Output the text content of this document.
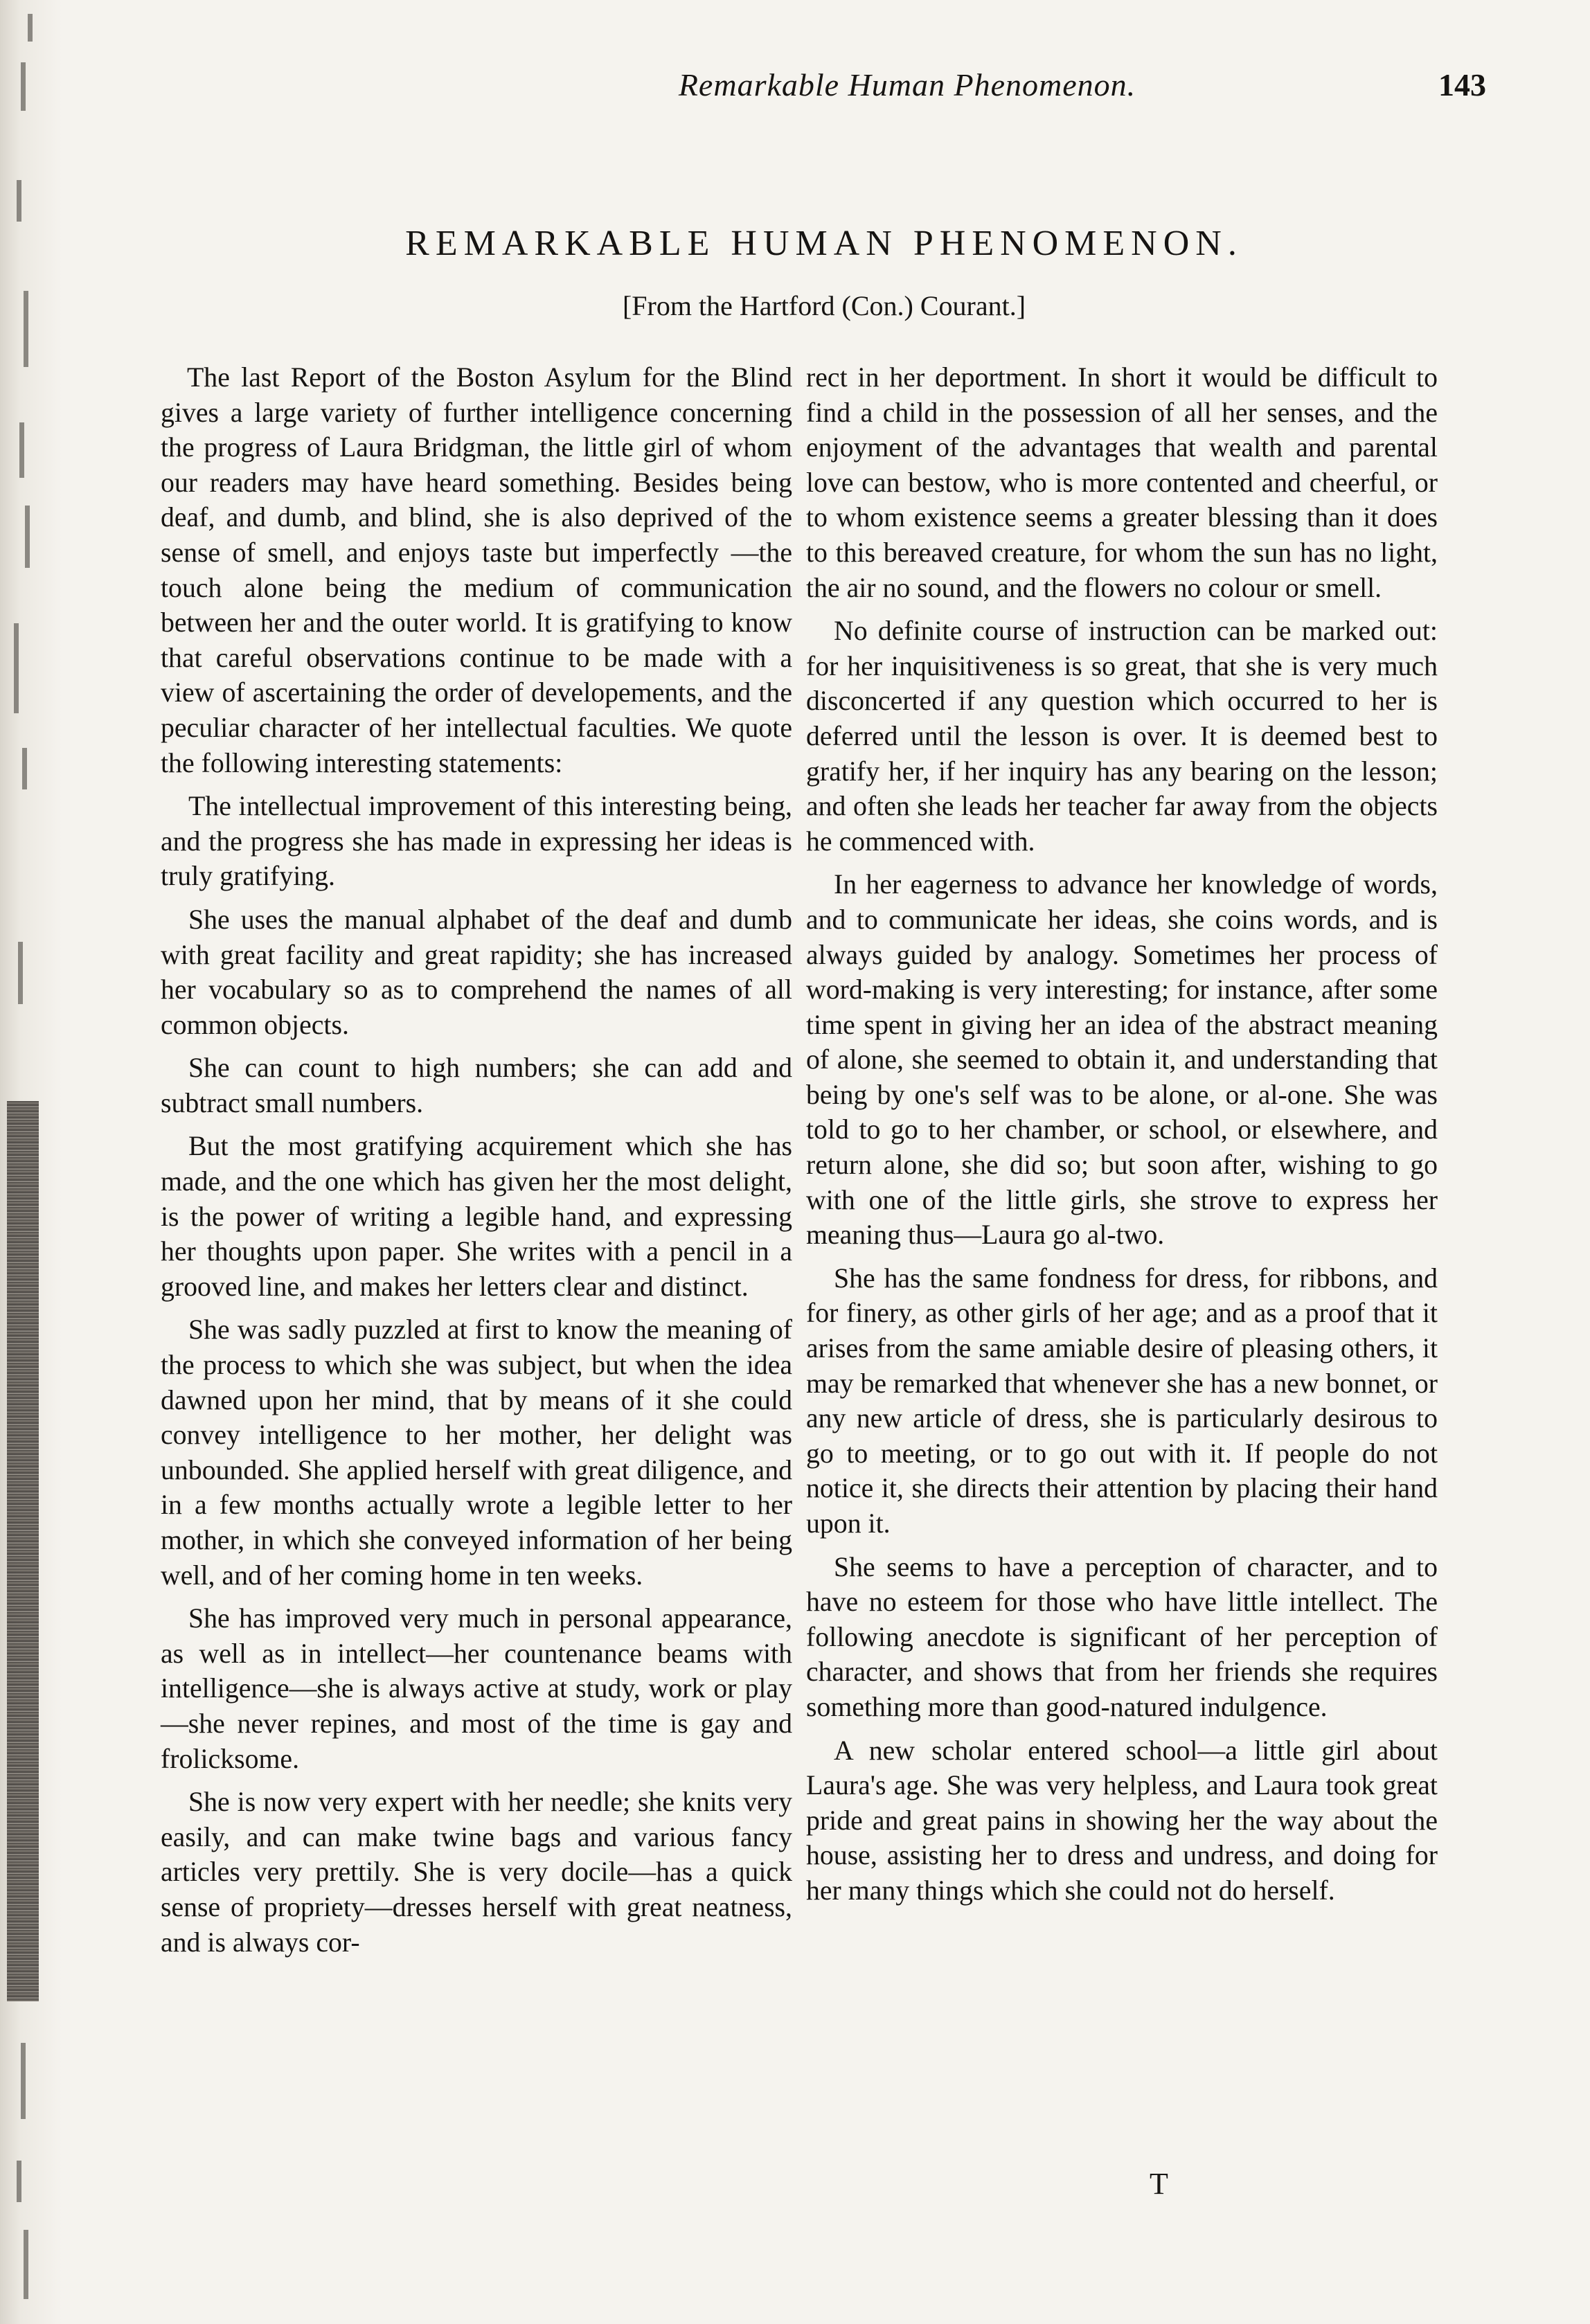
Remarkable Human Phenomenon.	143
REMARKABLE HUMAN PHENOMENON.
[From the Hartford (Con.) Courant.]

The last Report of the Boston Asylum for the Blind gives a large variety of further intelligence concerning the progress of Laura Bridgman, the little girl of whom our readers may have heard something. Besides being deaf, and dumb, and blind, she is also deprived of the sense of smell, and enjoys taste but imperfectly —the touch alone being the medium of communication between her and the outer world. It is gratifying to know that careful observations continue to be made with a view of ascertaining the order of developements, and the peculiar character of her intellectual faculties. We quote the following interesting statements:

The intellectual improvement of this interesting being, and the progress she has made in expressing her ideas is truly gratifying.

She uses the manual alphabet of the deaf and dumb with great facility and great rapidity; she has increased her vocabulary so as to comprehend the names of all common objects.

She can count to high numbers; she can add and subtract small numbers.

But the most gratifying acquirement which she has made, and the one which has given her the most delight, is the power of writing a legible hand, and expressing her thoughts upon paper. She writes with a pencil in a grooved line, and makes her letters clear and distinct.

She was sadly puzzled at first to know the meaning of the process to which she was subject, but when the idea dawned upon her mind, that by means of it she could convey intelligence to her mother, her delight was unbounded. She applied herself with great diligence, and in a few months actually wrote a legible letter to her mother, in which she conveyed information of her being well, and of her coming home in ten weeks.

She has improved very much in personal appearance, as well as in intellect—her countenance beams with intelligence—she is always active at study, work or play—she never repines, and most of the time is gay and frolicksome.

She is now very expert with her needle; she knits very easily, and can make twine bags and various fancy articles very prettily. She is very docile—has a quick sense of propriety—dresses herself with great neatness, and is always cor-

rect in her deportment. In short it would be difficult to find a child in the possession of all her senses, and the enjoyment of the advantages that wealth and parental love can bestow, who is more contented and cheerful, or to whom existence seems a greater blessing than it does to this bereaved creature, for whom the sun has no light, the air no sound, and the flowers no colour or smell.

No definite course of instruction can be marked out: for her inquisitiveness is so great, that she is very much disconcerted if any question which occurred to her is deferred until the lesson is over. It is deemed best to gratify her, if her inquiry has any bearing on the lesson; and often she leads her teacher far away from the objects he commenced with.

In her eagerness to advance her knowledge of words, and to communicate her ideas, she coins words, and is always guided by analogy. Sometimes her process of word-making is very interesting; for instance, after some time spent in giving her an idea of the abstract meaning of alone, she seemed to obtain it, and understanding that being by one's self was to be alone, or al-one. She was told to go to her chamber, or school, or elsewhere, and return alone, she did so; but soon after, wishing to go with one of the little girls, she strove to express her meaning thus—Laura go al-two.

She has the same fondness for dress, for ribbons, and for finery, as other girls of her age; and as a proof that it arises from the same amiable desire of pleasing others, it may be remarked that whenever she has a new bonnet, or any new article of dress, she is particularly desirous to go to meeting, or to go out with it. If people do not notice it, she directs their attention by placing their hand upon it.

She seems to have a perception of character, and to have no esteem for those who have little intellect. The following anecdote is significant of her perception of character, and shows that from her friends she requires something more than good-natured indulgence.

A new scholar entered school—a little girl about Laura's age. She was very helpless, and Laura took great pride and great pains in showing her the way about the house, assisting her to dress and undress, and doing for her many things which she could not do herself.

T
